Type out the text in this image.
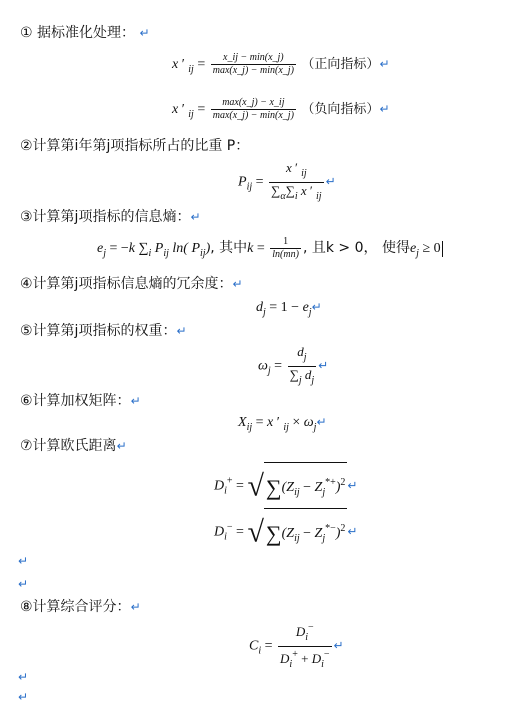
① 据标准化处理： ↵
x ′ $_{ij} = \frac{x\_ij - \min(x\_j)}{\max(x\_j) - \min(x\_j)}$ （正向指标）↵
x ′ $_{ij} = \frac{\max(x\_j) - x\_ij}{\max(x\_j) - \min(x\_j)}$ （负向指标）↵
②计算第i年第j项指标所占的比重 P：
$P_{ij} = \frac{x ' _{ij}}{\sum_\alpha\sum_i x ' _{ij}}$ ↵
③计算第j项指标的信息熵：↵
$e_j = -k$ $\sum_i$ $P_{ij}$ ln( $P_{ij}$), 其中$k = \frac{1}{\ln(mn)}$ , 且k > 0， 使得$e_j \ge 0$
④计算第j项指标信息熵的冗余度：↵
$d_j = 1$ − $e_j↵$
⑤计算第j项指标的权重：↵
$\omega_j = \frac{d_j}{\sum_j d_j}$ ↵
⑥计算加权矩阵：↵
$X_{ij} = x$ ′ $_{ij} \times \omega_j↵$
⑦计算欧氏距离↵
$D_i^+ = √\sum(Z_{ij} - Z_j^{*+})^2$ ↵
$D_i^- = √\sum(Z_{ij} - Z_j^{*-})^2$ ↵
↵
↵
⑧计算综合评分：↵
$C_i = \frac{D_i^-}{D_i^+ + D_i^-}$ ↵
↵
↵
